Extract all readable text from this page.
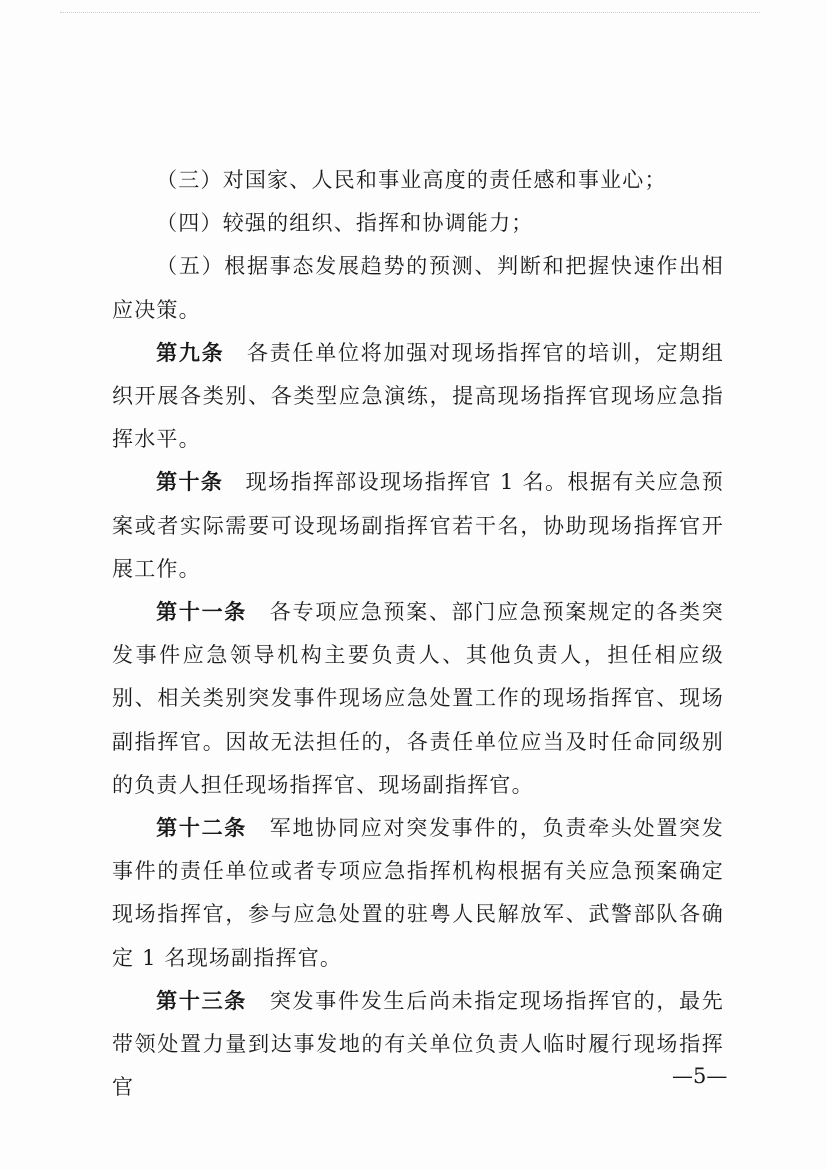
（三）对国家、人民和事业高度的责任感和事业心；

（四）较强的组织、指挥和协调能力；

（五）根据事态发展趋势的预测、判断和把握快速作出相应决策。

第九条　各责任单位将加强对现场指挥官的培训，定期组织开展各类别、各类型应急演练，提高现场指挥官现场应急指挥水平。

第十条　现场指挥部设现场指挥官 1 名。根据有关应急预案或者实际需要可设现场副指挥官若干名，协助现场指挥官开展工作。

第十一条　各专项应急预案、部门应急预案规定的各类突发事件应急领导机构主要负责人、其他负责人，担任相应级别、相关类别突发事件现场应急处置工作的现场指挥官、现场副指挥官。因故无法担任的，各责任单位应当及时任命同级别的负责人担任现场指挥官、现场副指挥官。

第十二条　军地协同应对突发事件的，负责牵头处置突发事件的责任单位或者专项应急指挥机构根据有关应急预案确定现场指挥官，参与应急处置的驻粤人民解放军、武警部队各确定 1 名现场副指挥官。

第十三条　突发事件发生后尚未指定现场指挥官的，最先带领处置力量到达事发地的有关单位负责人临时履行现场指挥官	—5—
